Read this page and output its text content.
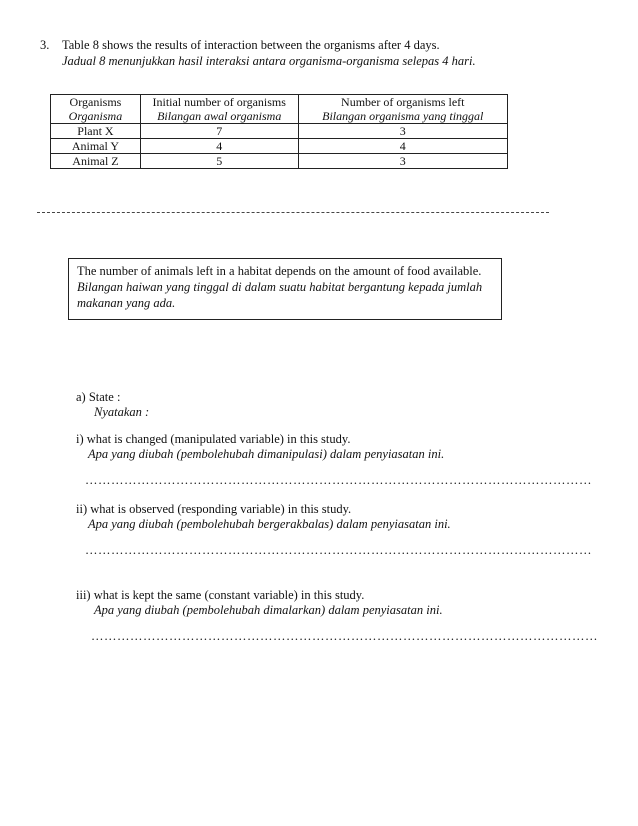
3. Table 8 shows the results of interaction between the organisms after 4 days.
Jadual 8 menunjukkan hasil interaksi antara organisma-organisma selepas 4 hari.
Organisms	Initial number of organisms	Number of organisms left
Organisma	Bilangan awal organisma	Bilangan organisma yang tinggal
Plant X	7	3
Animal Y	4	4
Animal Z	5	3
The number of animals left in a habitat depends on the amount of food available.
Bilangan haiwan yang tinggal di dalam suatu habitat bergantung kepada jumlah
makanan yang ada.
a) State :
Nyatakan :
i) what is changed (manipulated variable) in this study.
Apa yang diubah (pembolehubah dimanipulasi) dalam penyiasatan ini.
………………………………………………………………………………………………………
ii) what is observed (responding variable) in this study.
Apa yang diubah (pembolehubah bergerakbalas) dalam penyiasatan ini.
………………………………………………………………………………………………………
iii) what is kept the same (constant variable) in this study.
Apa yang diubah (pembolehubah dimalarkan) dalam penyiasatan ini.
………………………………………………………………………………………………………
